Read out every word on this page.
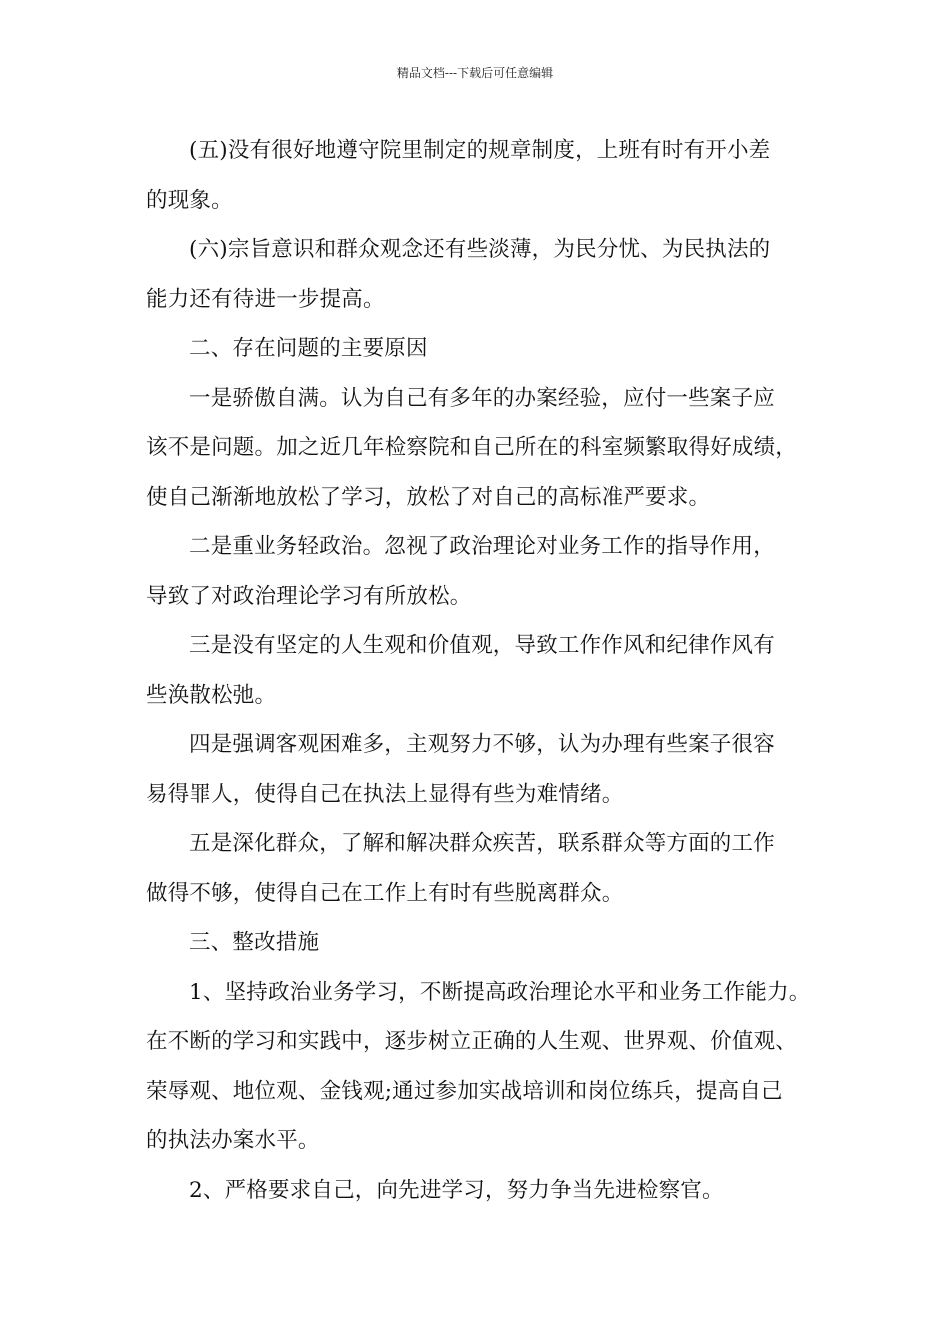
精品文档---下载后可任意编辑

(五)没有很好地遵守院里制定的规章制度，上班有时有开小差
的现象。

(六)宗旨意识和群众观念还有些淡薄，为民分忧、为民执法的
能力还有待进一步提高。

二、存在问题的主要原因

一是骄傲自满。认为自己有多年的办案经验，应付一些案子应
该不是问题。加之近几年检察院和自己所在的科室频繁取得好成绩，
使自己渐渐地放松了学习，放松了对自己的高标准严要求。

二是重业务轻政治。忽视了政治理论对业务工作的指导作用，
导致了对政治理论学习有所放松。

三是没有坚定的人生观和价值观，导致工作作风和纪律作风有
些涣散松弛。

四是强调客观困难多，主观努力不够，认为办理有些案子很容
易得罪人，使得自己在执法上显得有些为难情绪。

五是深化群众，了解和解决群众疾苦，联系群众等方面的工作
做得不够，使得自己在工作上有时有些脱离群众。

三、整改措施

1、坚持政治业务学习，不断提高政治理论水平和业务工作能力。
在不断的学习和实践中，逐步树立正确的人生观、世界观、价值观、
荣辱观、地位观、金钱观;通过参加实战培训和岗位练兵，提高自己
的执法办案水平。

2、严格要求自己，向先进学习，努力争当先进检察官。
